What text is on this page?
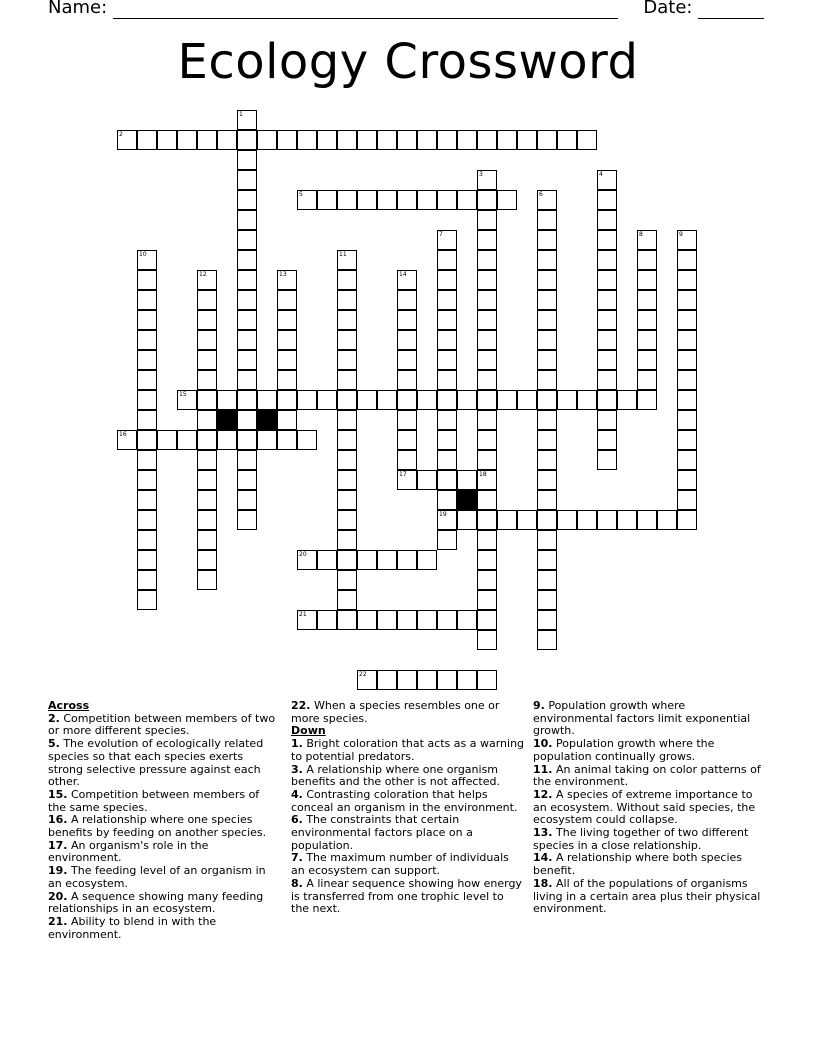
Name:	Date:
Ecology Crossword
1
2
3
18
4
5	6
7
19
8	9
10	11
12	13	14
15
16
17
20
21
22
Across
2. Competition between members of two or more different species.
5. The evolution of ecologically related species so that each species exerts strong selective pressure against each other.
15. Competition between members of the same species.
16. A relationship where one species benefits by feeding on another species.
17. An organism's role in the environment.
19. The feeding level of an organism in an ecosystem.
20. A sequence showing many feeding relationships in an ecosystem.
21. Ability to blend in with the environment.
22. When a species resembles one or more species.
Down
1. Bright coloration that acts as a warning to potential predators.
3. A relationship where one organism benefits and the other is not affected.
4. Contrasting coloration that helps conceal an organism in the environment.
6. The constraints that certain environmental factors place on a population.
7. The maximum number of individuals an ecosystem can support.
8. A linear sequence showing how energy is transferred from one trophic level to the next.
9. Population growth where environmental factors limit exponential growth.
10. Population growth where the population continually grows.
11. An animal taking on color patterns of the environment.
12. A species of extreme importance to an ecosystem. Without said species, the ecosystem could collapse.
13. The living together of two different species in a close relationship.
14. A relationship where both species benefit.
18. All of the populations of organisms living in a certain area plus their physical environment.
